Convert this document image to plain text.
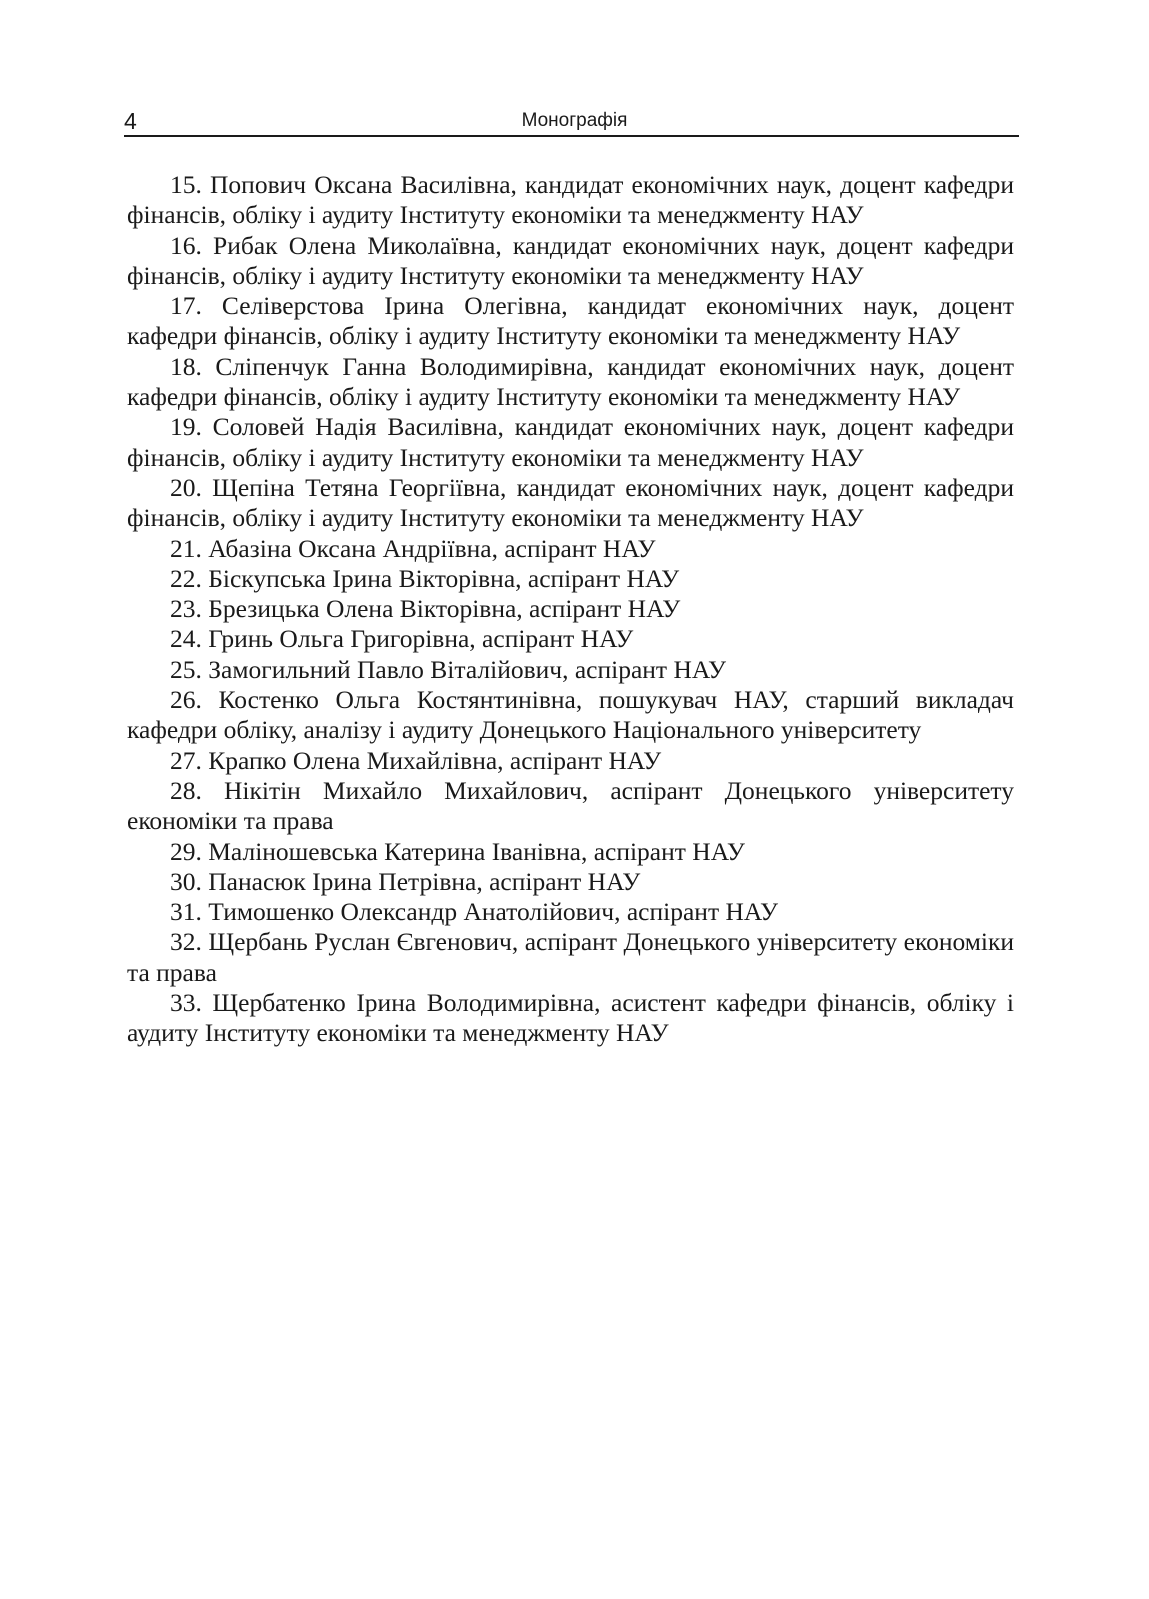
4	Монографія

15. Попович Оксана Василівна, кандидат економічних наук, доцент кафедри фінансів, обліку і аудиту Інституту економіки та менеджменту НАУ

16. Рибак Олена Миколаївна, кандидат економічних наук, доцент кафедри фінансів, обліку і аудиту Інституту економіки та менеджменту НАУ

17. Селіверстова Ірина Олегівна, кандидат економічних наук, доцент кафедри фінансів, обліку і аудиту Інституту економіки та менеджменту НАУ

18. Сліпенчук Ганна Володимирівна, кандидат економічних наук, доцент кафедри фінансів, обліку і аудиту Інституту економіки та менеджменту НАУ

19. Соловей Надія Василівна, кандидат економічних наук, доцент кафедри фінансів, обліку і аудиту Інституту економіки та менеджменту НАУ

20. Щепіна Тетяна Георгіївна, кандидат економічних наук, доцент кафедри фінансів, обліку і аудиту Інституту економіки та менеджменту НАУ

21. Абазіна Оксана Андріївна, аспірант НАУ

22. Біскупська Ірина Вікторівна, аспірант НАУ

23. Брезицька Олена Вікторівна, аспірант НАУ

24. Гринь Ольга Григорівна, аспірант НАУ

25. Замогильний Павло Віталійович, аспірант НАУ

26. Костенко Ольга Костянтинівна, пошукувач НАУ, старший викладач кафедри обліку, аналізу і аудиту Донецького Національного університету

27. Крапко Олена Михайлівна, аспірант НАУ

28. Нікітін Михайло Михайлович, аспірант Донецького університету економіки та права

29. Маліношевська Катерина Іванівна, аспірант НАУ

30. Панасюк Ірина Петрівна, аспірант НАУ

31. Тимошенко Олександр Анатолійович, аспірант НАУ

32. Щербань Руслан Євгенович, аспірант Донецького університету економіки та права

33. Щербатенко Ірина Володимирівна, асистент кафедри фінансів, обліку і аудиту Інституту економіки та менеджменту НАУ
